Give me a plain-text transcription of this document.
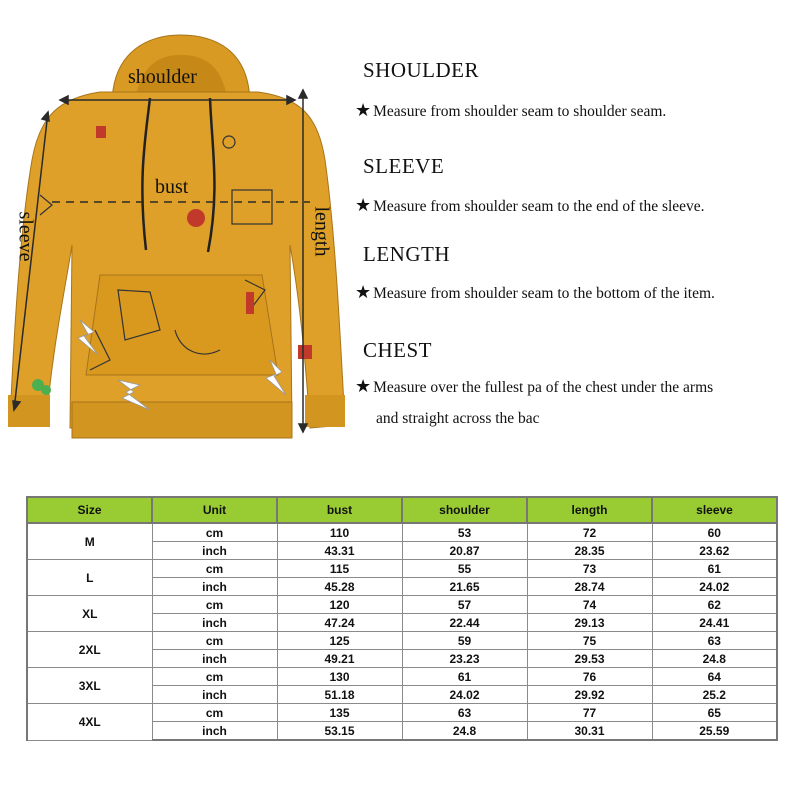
shoulder
bust
sleeve	length
SHOULDER
★ Measure from shoulder seam to shoulder seam.
SLEEVE
★ Measure from shoulder seam to the end of the sleeve.
LENGTH
★ Measure from shoulder seam to the bottom of the item.
CHEST
★ Measure over the fullest pa of the chest under the arms
and straight across the bac
Size	Unit	bust	shoulder	length	sleeve
M	cm	110	53	72	60
	inch	43.31	20.87	28.35	23.62
L	cm	115	55	73	61
	inch	45.28	21.65	28.74	24.02
XL	cm	120	57	74	62
	inch	47.24	22.44	29.13	24.41
2XL	cm	125	59	75	63
	inch	49.21	23.23	29.53	24.8
3XL	cm	130	61	76	64
	inch	51.18	24.02	29.92	25.2
4XL	cm	135	63	77	65
	inch	53.15	24.8	30.31	25.59
